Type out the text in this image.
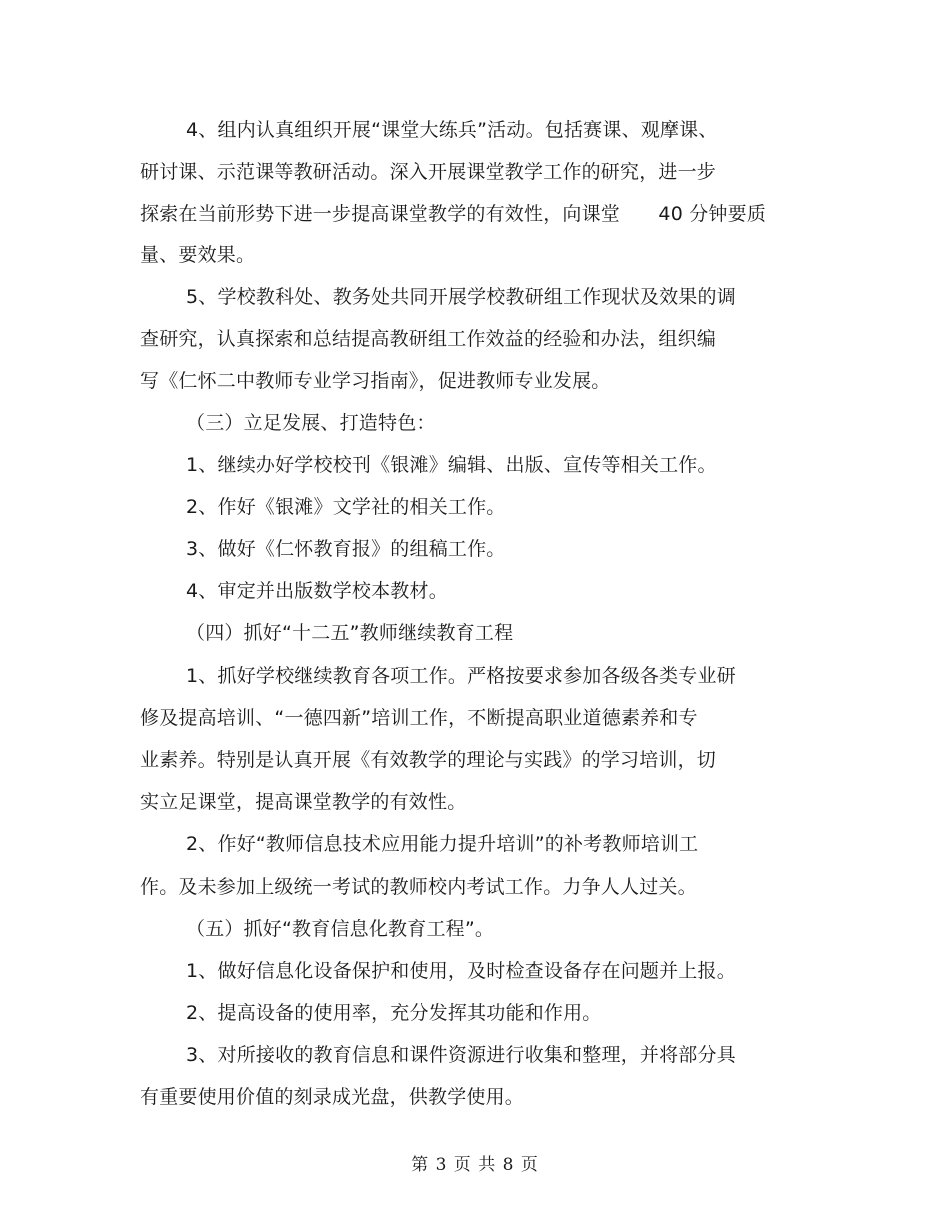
4、组内认真组织开展“课堂大练兵”活动。包括赛课、观摩课、
研讨课、示范课等教研活动。深入开展课堂教学工作的研究，进一步
探索在当前形势下进一步提高课堂教学的有效性，向课堂　　40 分钟要质
量、要效果。
5、学校教科处、教务处共同开展学校教研组工作现状及效果的调
查研究，认真探索和总结提高教研组工作效益的经验和办法，组织编
写《仁怀二中教师专业学习指南》，促进教师专业发展。
（三）立足发展、打造特色：
1、继续办好学校校刊《银滩》编辑、出版、宣传等相关工作。
2、作好《银滩》文学社的相关工作。
3、做好《仁怀教育报》的组稿工作。
4、审定并出版数学校本教材。
（四）抓好“十二五”教师继续教育工程
1、抓好学校继续教育各项工作。严格按要求参加各级各类专业研
修及提高培训、“一德四新”培训工作，不断提高职业道德素养和专
业素养。特别是认真开展《有效教学的理论与实践》的学习培训，切
实立足课堂，提高课堂教学的有效性。
2、作好“教师信息技术应用能力提升培训”的补考教师培训工
作。及未参加上级统一考试的教师校内考试工作。力争人人过关。
（五）抓好“教育信息化教育工程”。
1、做好信息化设备保护和使用，及时检查设备存在问题并上报。
2、提高设备的使用率，充分发挥其功能和作用。
3、对所接收的教育信息和课件资源进行收集和整理，并将部分具
有重要使用价值的刻录成光盘，供教学使用。
第 3 页 共 8 页
